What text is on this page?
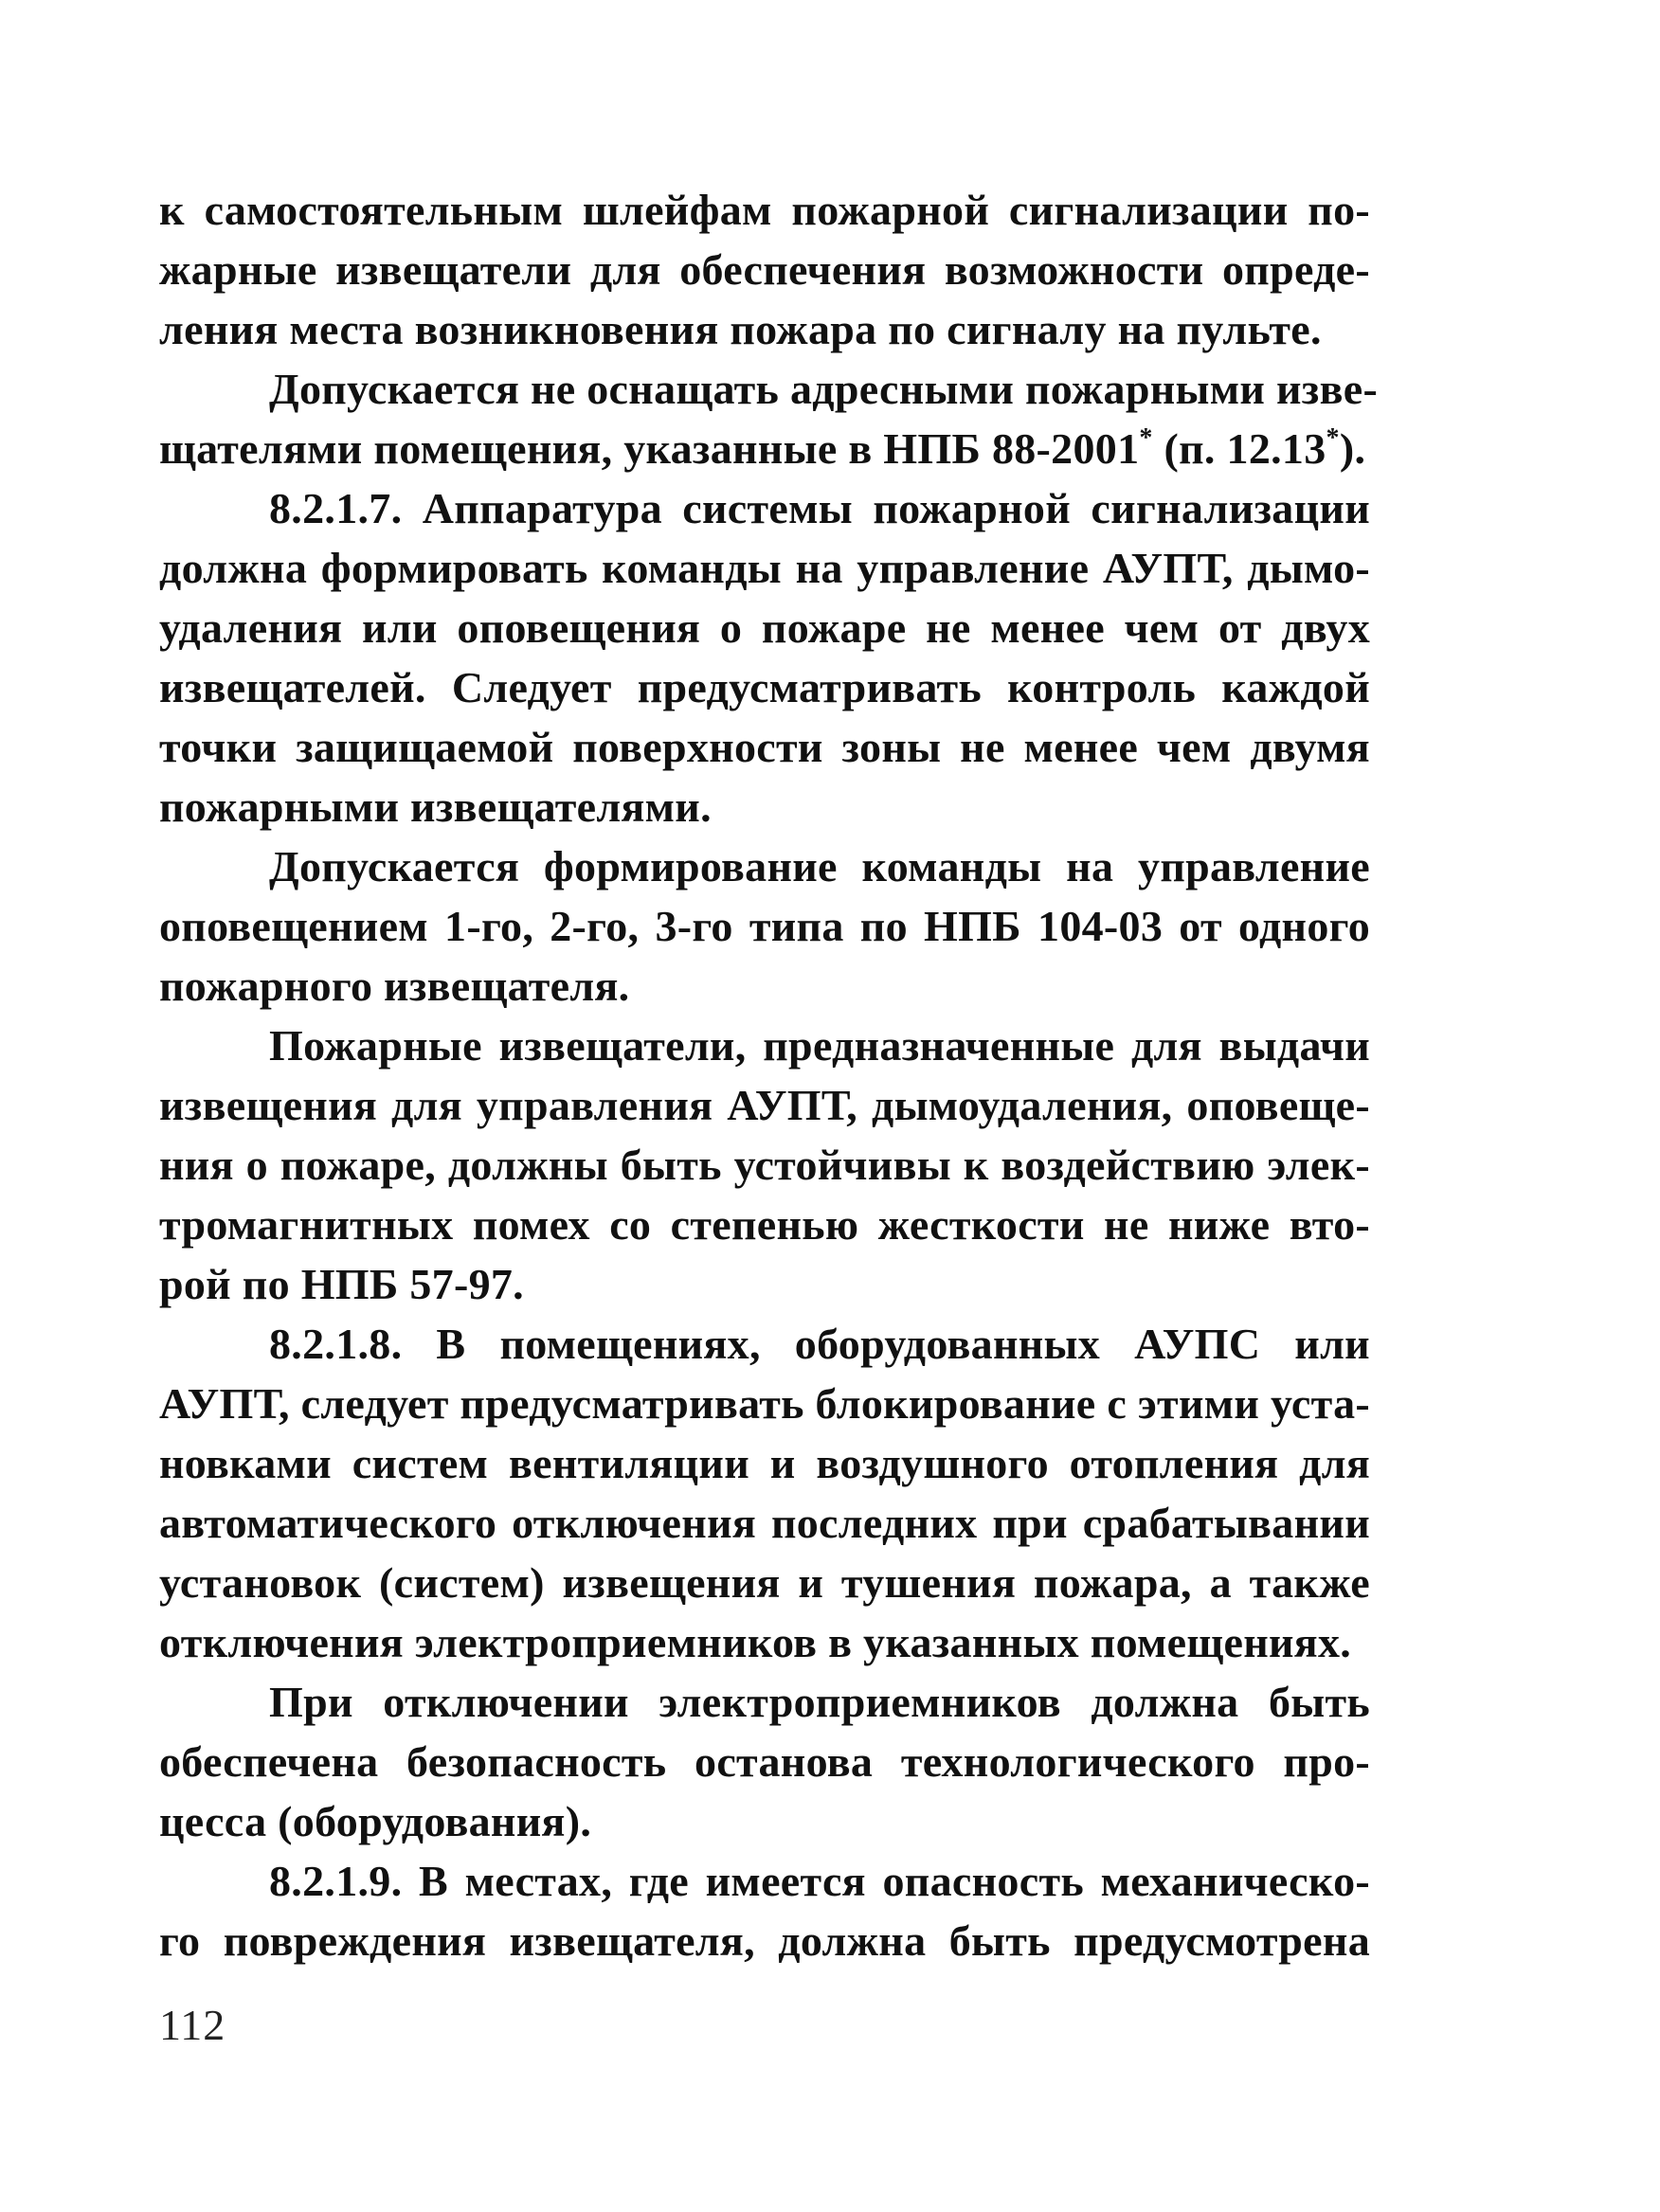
к самостоятельным шлейфам пожарной сигнализации по-
жарные извещатели для обеспечения возможности опреде-
ления места возникновения пожара по сигналу на пульте.
Допускается не оснащать адресными пожарными изве-
щателями помещения, указанные в НПБ 88-2001* (п. 12.13*).
8.2.1.7. Аппаратура системы пожарной сигнализации
должна формировать команды на управление АУПТ, дымо-
удаления или оповещения о пожаре не менее чем от двух
извещателей. Следует предусматривать контроль каждой
точки защищаемой поверхности зоны не менее чем двумя
пожарными извещателями.
Допускается формирование команды на управление
оповещением 1-го, 2-го, 3-го типа по НПБ 104-03 от одного
пожарного извещателя.
Пожарные извещатели, предназначенные для выдачи
извещения для управления АУПТ, дымоудаления, оповеще-
ния о пожаре, должны быть устойчивы к воздействию элек-
тромагнитных помех со степенью жесткости не ниже вто-
рой по НПБ 57-97.
8.2.1.8. В помещениях, оборудованных АУПС или
АУПТ, следует предусматривать блокирование с этими уста-
новками систем вентиляции и воздушного отопления для
автоматического отключения последних при срабатывании
установок (систем) извещения и тушения пожара, а также
отключения электроприемников в указанных помещениях.
При отключении электроприемников должна быть
обеспечена безопасность останова технологического про-
цесса (оборудования).
8.2.1.9. В местах, где имеется опасность механическо-
го повреждения извещателя, должна быть предусмотрена
112
